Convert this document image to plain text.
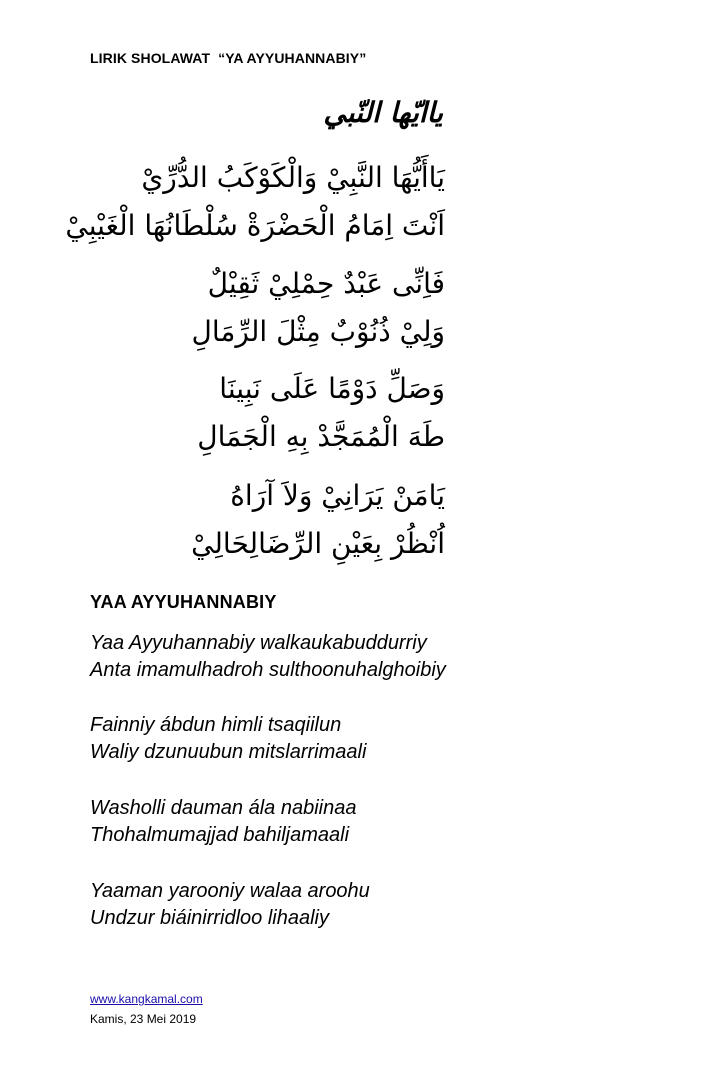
LIRIK SHOLAWAT  “YA AYYUHANNABIY”
ياايّها النّبي
يَاأَيُّهَا النَّبِيْ وَالْكَوْكَبُ الدُّرِّيْ
اَنْتَ اِمَامُ الْحَضْرَةْ سُلْطَانُهَا الْغَيْبِيْ
فَاِنِّى عَبْدٌ حِمْلِيْ ثَقِيْلٌ
وَلِيْ ذُنُوْبٌ مِثْلَ الرِّمَالِ
وَصَلِّ دَوْمًا عَلَى نَبِينَا
طَهَ الْمُمَجَّدْ بِهِ الْجَمَالِ
يَامَنْ يَرَانِيْ وَلاَ آرَاهُ
اُنْظُرْ بِعَيْنِ الرِّضَالِحَالِيْ
YAA AYYUHANNABIY
Yaa Ayyuhannabiy walkaukabuddurriy
Anta imamulhadroh sulthoonuhalghoibiy
Fainniy ábdun himli tsaqiilun
Waliy dzunuubun mitslarrimaali
Washolli dauman ála nabiinaa
Thohalmumajjad bahiljamaali
Yaaman yarooniy walaa aroohu
Undzur biáinirridloo lihaaliy
www.kangkamal.com
Kamis, 23 Mei 2019
